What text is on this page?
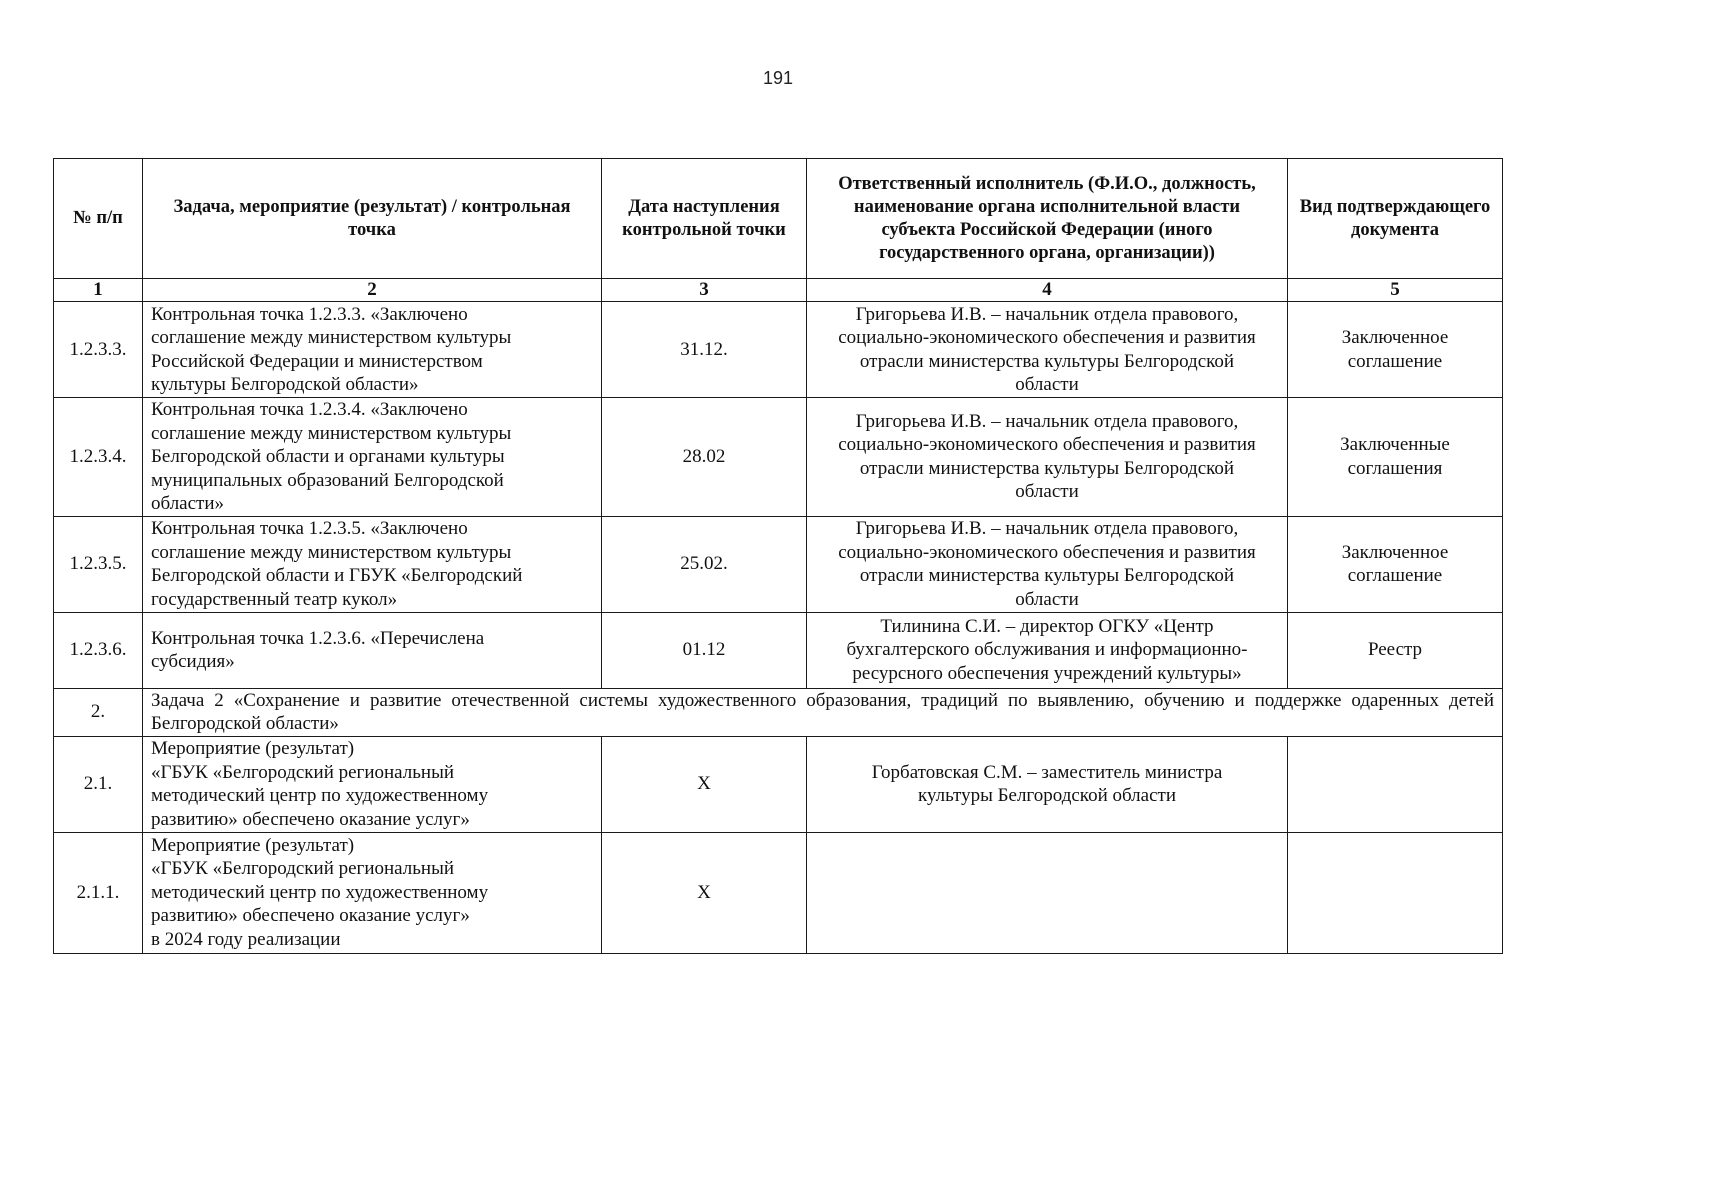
191
№ п/п	Задача, мероприятие (результат) / контрольная точка	Дата наступления контрольной точки	Ответственный исполнитель (Ф.И.О., должность, наименование органа исполнительной власти субъекта Российской Федерации (иного государственного органа, организации))	Вид подтверждающего документа
1	2	3	4	5
1.2.3.3.	Контрольная точка 1.2.3.3. «Заключено
соглашение между министерством культуры
Российской Федерации и министерством
культуры Белгородской области»	31.12.	Григорьева И.В. – начальник отдела правового,
социально-экономического обеспечения и развития
отрасли министерства культуры Белгородской
области	Заключенное
соглашение
1.2.3.4.	Контрольная точка 1.2.3.4. «Заключено
соглашение между министерством культуры
Белгородской области и органами культуры
муниципальных образований Белгородской
области»	28.02	Григорьева И.В. – начальник отдела правового,
социально-экономического обеспечения и развития
отрасли министерства культуры Белгородской
области	Заключенные
соглашения
1.2.3.5.	Контрольная точка 1.2.3.5. «Заключено
соглашение между министерством культуры
Белгородской области и ГБУК «Белгородский
государственный театр кукол»	25.02.	Григорьева И.В. – начальник отдела правового,
социально-экономического обеспечения и развития
отрасли министерства культуры Белгородской
области	Заключенное
соглашение
1.2.3.6.	Контрольная точка 1.2.3.6. «Перечислена
субсидия»	01.12	Тилинина С.И. – директор ОГКУ «Центр
бухгалтерского обслуживания и информационно-
ресурсного обеспечения учреждений культуры»	Реестр
2.	Задача 2 «Сохранение и развитие отечественной системы художественного образования, традиций по выявлению, обучению и поддержке одаренных детей Белгородской области»			
2.1.	Мероприятие (результат)
«ГБУК «Белгородский региональный
методический центр по художественному
развитию» обеспечено оказание услуг»	Х	Горбатовская С.М. – заместитель министра
культуры Белгородской области	
2.1.1.	Мероприятие (результат)
«ГБУК «Белгородский региональный
методический центр по художественному
развитию» обеспечено оказание услуг»
в 2024 году реализации	Х		
